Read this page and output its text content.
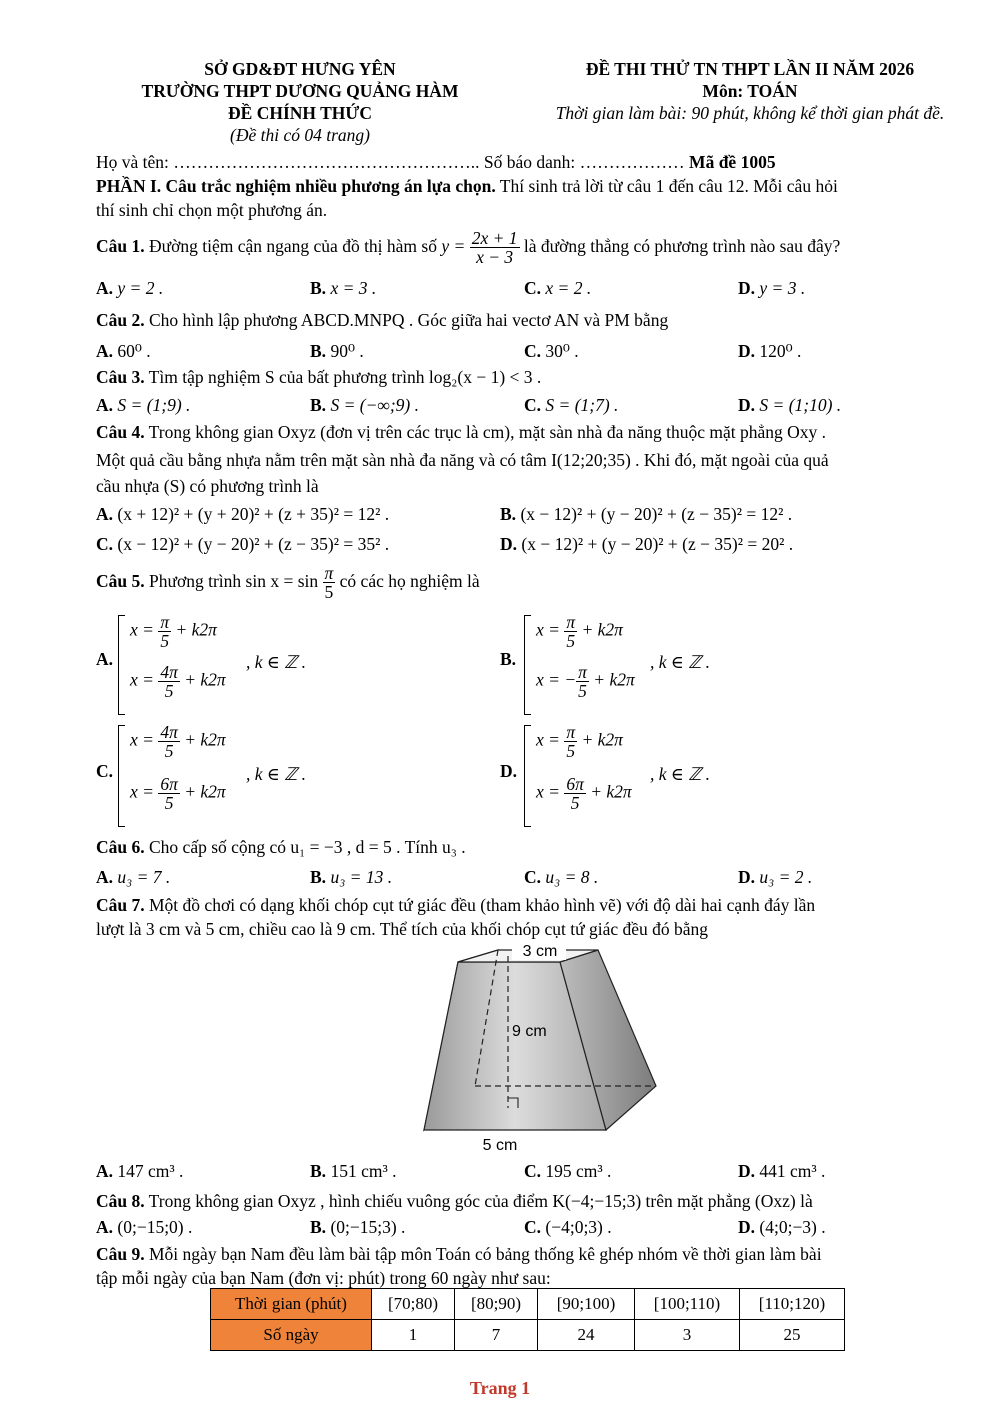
SỞ GD&ĐT HƯNG YÊN
TRƯỜNG THPT DƯƠNG QUẢNG HÀM
ĐỀ CHÍNH THỨC
(Đề thi có 04 trang)
ĐỀ THI THỬ TN THPT LẦN II NĂM 2026
Môn: TOÁN
Thời gian làm bài: 90 phút, không kể thời gian phát đề.
Họ và tên: …………………………………………….. Số báo danh: ……………… Mã đề 1005
PHẦN I. Câu trắc nghiệm nhiều phương án lựa chọn. Thí sinh trả lời từ câu 1 đến câu 12. Mỗi câu hỏi
thí sinh chỉ chọn một phương án.
Câu 1. Đường tiệm cận ngang của đồ thị hàm số $y = \frac{2x + 1}{x - 3}$ là đường thẳng có phương trình nào sau đây?
A. y = 2 .	B. x = 3 .	C. x = 2 .	D. y = 3 .
Câu 2. Cho hình lập phương ABCD.MNPQ . Góc giữa hai vectơ AN và PM bằng
A. 60⁰ .	B. 90⁰ .	C. 30⁰ .	D. 120⁰ .
Câu 3. Tìm tập nghiệm S của bất phương trình log₂(x − 1) < 3 .
A. S = (1;9) .	B. S = (−∞;9) .	C. S = (1;7) .	D. S = (1;10) .
Câu 4. Trong không gian Oxyz (đơn vị trên các trục là cm), mặt sàn nhà đa năng thuộc mặt phẳng Oxy .
Một quả cầu bằng nhựa nằm trên mặt sàn nhà đa năng và có tâm I(12;20;35) . Khi đó, mặt ngoài của quả
cầu nhựa (S) có phương trình là
A. (x + 12)² + (y + 20)² + (z + 35)² = 12² .	B. (x − 12)² + (y − 20)² + (z − 35)² = 12² .
C. (x − 12)² + (y − 20)² + (z − 35)² = 35² .	D. (x − 12)² + (y − 20)² + (z − 35)² = 20² .
Câu 5. Phương trình $\sin x = \sin \frac{\pi}{5}$ có các họ nghiệm là
A.
$x = \frac{\pi}{5} + k2\pi$
$x = \frac{4\pi}{5} + k2\pi$
, k ∈ ℤ .	B.
$x = \frac{\pi}{5} + k2\pi$
x = − $\frac{\pi}{5} + k2\pi$
, k ∈ ℤ .
C.
$x = \frac{4\pi}{5} + k2\pi$
$x = \frac{6\pi}{5} + k2\pi$
, k ∈ ℤ .	D.
$x = \frac{\pi}{5} + k2\pi$
$x = \frac{6\pi}{5} + k2\pi$
, k ∈ ℤ .
Câu 6. Cho cấp số cộng có u₁ = −3 , d = 5 . Tính u₃ .
A. u₃ = 7 .	B. u₃ = 13 .	C. u₃ = 8 .	D. u₃ = 2 .
Câu 7. Một đồ chơi có dạng khối chóp cụt tứ giác đều (tham khảo hình vẽ) với độ dài hai cạnh đáy lần
lượt là 3 cm và 5 cm, chiều cao là 9 cm. Thể tích của khối chóp cụt tứ giác đều đó bằng
3 cm
9 cm
5 cm
A. 147 cm³ .	B. 151 cm³ .	C. 195 cm³ .	D. 441 cm³ .
Câu 8. Trong không gian Oxyz , hình chiếu vuông góc của điểm K(−4;−15;3) trên mặt phẳng (Oxz) là
A. (0;−15;0) .	B. (0;−15;3) .	C. (−4;0;3) .	D. (4;0;−3) .
Câu 9. Mỗi ngày bạn Nam đều làm bài tập môn Toán có bảng thống kê ghép nhóm về thời gian làm bài
tập mỗi ngày của bạn Nam (đơn vị: phút) trong 60 ngày như sau:
Thời gian (phút)	[70;80)	[80;90)	[90;100)	[100;110)	[110;120)
Số ngày	1	7	24	3	25
Trang 1
